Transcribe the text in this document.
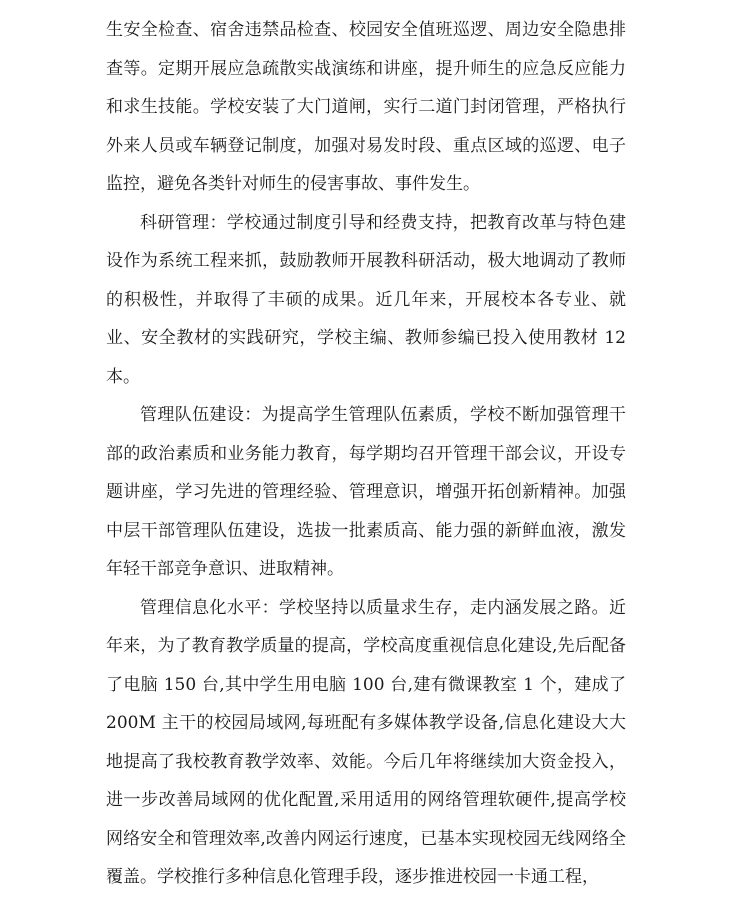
生安全检查、宿舍违禁品检查、校园安全值班巡逻、周边安全隐患排查等。定期开展应急疏散实战演练和讲座，提升师生的应急反应能力和求生技能。学校安装了大门道闸，实行二道门封闭管理，严格执行外来人员或车辆登记制度，加强对易发时段、重点区域的巡逻、电子监控，避免各类针对师生的侵害事故、事件发生。

科研管理：学校通过制度引导和经费支持，把教育改革与特色建设作为系统工程来抓，鼓励教师开展教科研活动，极大地调动了教师的积极性，并取得了丰硕的成果。近几年来，开展校本各专业、就业、安全教材的实践研究，学校主编、教师参编已投入使用教材 12 本。

管理队伍建设：为提高学生管理队伍素质，学校不断加强管理干部的政治素质和业务能力教育，每学期均召开管理干部会议，开设专题讲座，学习先进的管理经验、管理意识，增强开拓创新精神。加强中层干部管理队伍建设，选拔一批素质高、能力强的新鲜血液，激发年轻干部竞争意识、进取精神。

管理信息化水平：学校坚持以质量求生存，走内涵发展之路。近年来，为了教育教学质量的提高，学校高度重视信息化建设,先后配备了电脑 150 台,其中学生用电脑 100 台,建有微课教室 1 个，建成了200M 主干的校园局域网,每班配有多媒体教学设备,信息化建设大大地提高了我校教育教学效率、效能。今后几年将继续加大资金投入，进一步改善局域网的优化配置,采用适用的网络管理软硬件,提高学校网络安全和管理效率,改善内网运行速度，已基本实现校园无线网络全覆盖。学校推行多种信息化管理手段，逐步推进校园一卡通工程，
